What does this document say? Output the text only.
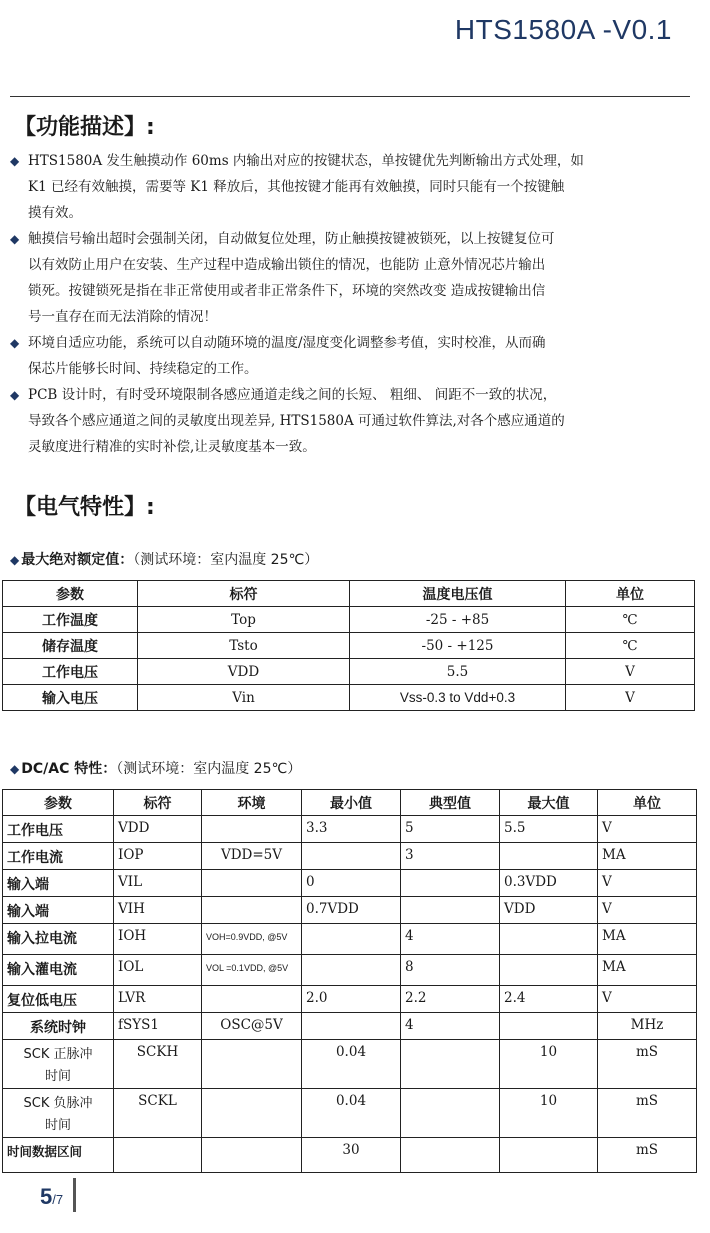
HTS1580A -V0.1
【功能描述】:
◆ HTS1580A 发生触摸动作 60ms 内输出对应的按键状态，单按键优先判断输出方式处理，如
K1 已经有效触摸，需要等 K1 释放后，其他按键才能再有效触摸，同时只能有一个按键触
摸有效。
◆ 触摸信号输出超时会强制关闭，自动做复位处理，防止触摸按键被锁死，以上按键复位可
以有效防止用户在安装、生产过程中造成输出锁住的情况，也能防 止意外情况芯片输出
锁死。按键锁死是指在非正常使用或者非正常条件下，环境的突然改变 造成按键输出信
号一直存在而无法消除的情况！
◆ 环境自适应功能，系统可以自动随环境的温度/湿度变化调整参考值，实时校准，从而确
保芯片能够长时间、持续稳定的工作。
◆ PCB 设计时，有时受环境限制各感应通道走线之间的长短、 粗细、 间距不一致的状况，
导致各个感应通道之间的灵敏度出现差异, HTS1580A 可通过软件算法,对各个感应通道的
灵敏度进行精准的实时补偿,让灵敏度基本一致。
【电气特性】:
◆ 最大绝对额定值：（测试环境：室内温度 25℃）
参数	标符	温度电压值	单位
工作温度	Top	-25 - +85	℃
储存温度	Tsto	-50 - +125	℃
工作电压	VDD	5.5	V
输入电压	Vin	Vss-0.3 to Vdd+0.3	V
◆ DC/AC 特性：（测试环境：室内温度 25℃）
参数	标符	环境	最小值	典型值	最大值	单位
工作电压	VDD		3.3	5	5.5	V
工作电流	IOP	VDD=5V		3		MA
输入端	VIL		0		0.3VDD	V
输入端	VIH		0.7VDD		VDD	V
输入拉电流	IOH	VOH=0.9VDD, @5V		4		MA
输入灌电流	IOL	VOL =0.1VDD, @5V		8		MA
复位低电压	LVR		2.0	2.2	2.4	V
系统时钟	fSYS1	OSC@5V		4		MHz
SCK 正脉冲
时间	SCKH		0.04		10	mS
SCK 负脉冲
时间	SCKL		0.04		10	mS
时间数据区间			30			mS
5/7
